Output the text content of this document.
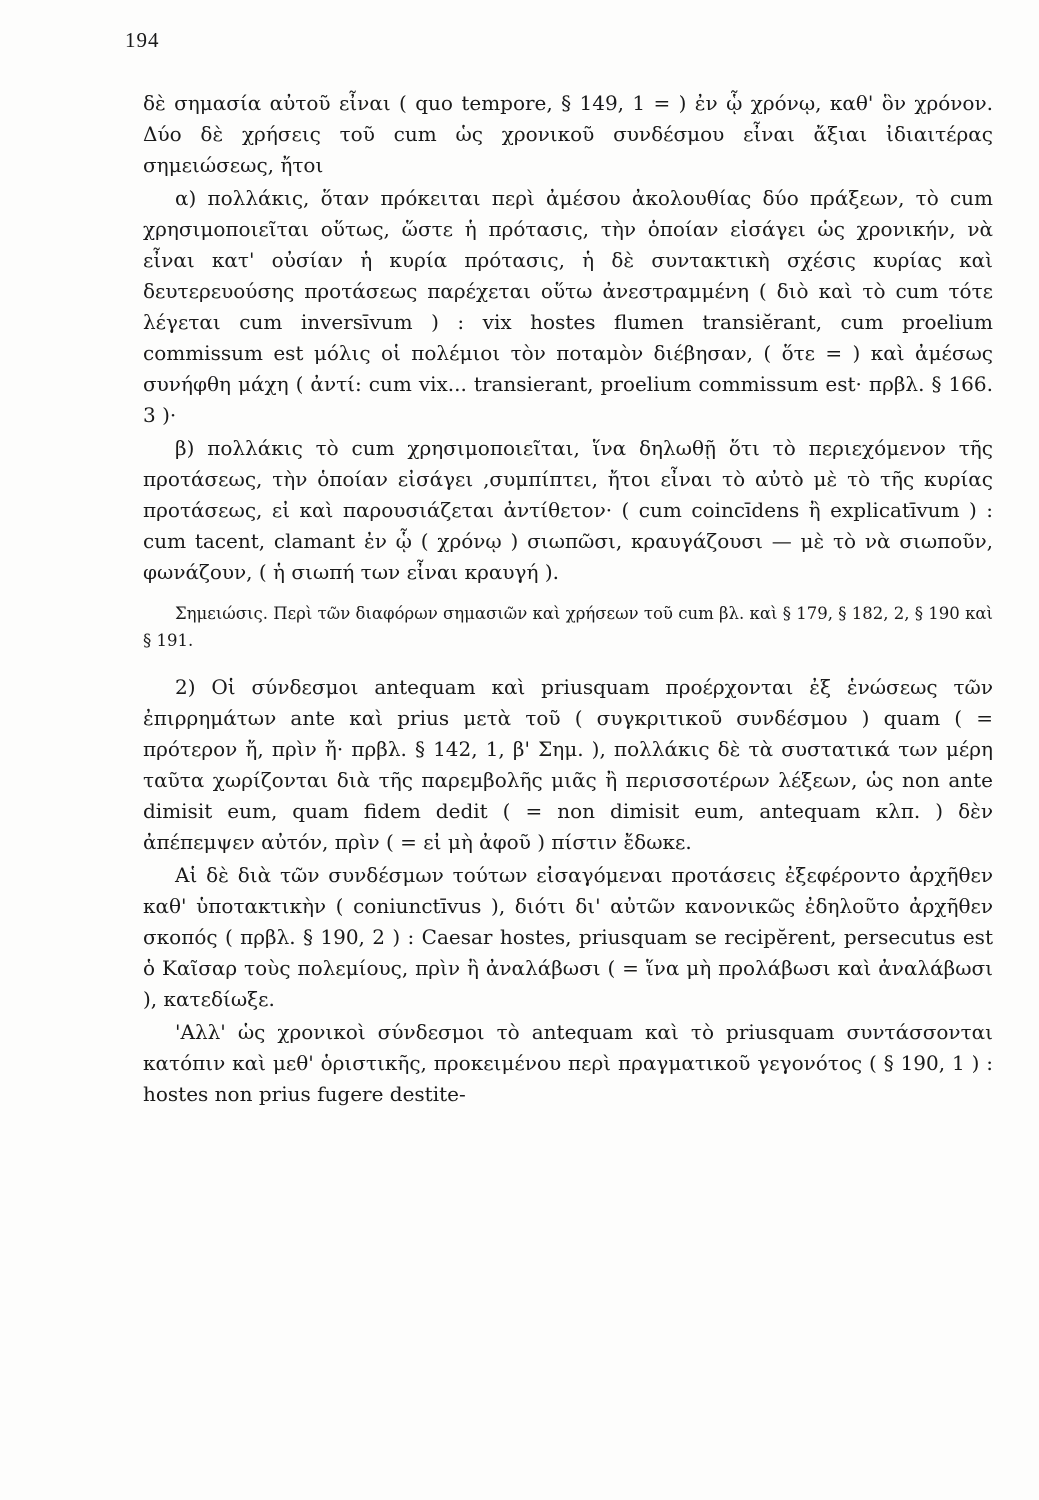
194

δὲ σημασία αὐτοῦ εἶναι ( quo tempore, § 149, 1 = ) ἐν ᾧ χρόνῳ, καθ' ὃν χρόνον. Δύο δὲ χρήσεις τοῦ cum ὡς χρονικοῦ συνδέσμου εἶναι ἄξιαι ἰδιαιτέρας σημειώσεως, ἤτοι

α) πολλάκις, ὅταν πρόκειται περὶ ἀμέσου ἀκολουθίας δύο πράξεων, τὸ cum χρησιμοποιεῖται οὕτως, ὥστε ἡ πρότασις, τὴν ὁποίαν εἰσάγει ὡς χρονικήν, νὰ εἶναι κατ' οὐσίαν ἡ κυρία πρότασις, ἡ δὲ συντακτικὴ σχέσις κυρίας καὶ δευτερευούσης προτάσεως παρέχεται οὕτω ἀνεστραμμένη ( διὸ καὶ τὸ cum τότε λέγεται cum inversīvum ) : vix hostes flumen transiĕrant, cum proelium commissum est μόλις οἱ πολέμιοι τὸν ποταμὸν διέβησαν, ( ὅτε = ) καὶ ἀμέσως συνήφθη μάχη ( ἀντί: cum vix... transierant, proelium commissum est· πρβλ. § 166. 3 )·

β) πολλάκις τὸ cum χρησιμοποιεῖται, ἵνα δηλωθῇ ὅτι τὸ περιεχόμενον τῆς προτάσεως, τὴν ὁποίαν εἰσάγει ,συμπίπτει, ἤτοι εἶναι τὸ αὐτὸ μὲ τὸ τῆς κυρίας προτάσεως, εἰ καὶ παρουσιάζεται ἀντίθετον· ( cum coincīdens ἢ explicatīvum ) : cum tacent, clamant ἐν ᾧ ( χρόνῳ ) σιωπῶσι, κραυγάζουσι — μὲ τὸ νὰ σιωποῦν, φωνάζουν, ( ἡ σιωπή των εἶναι κραυγή ).

Σημειώσις. Περὶ τῶν διαφόρων σημασιῶν καὶ χρήσεων τοῦ cum βλ. καὶ § 179, § 182, 2, § 190 καὶ § 191.

2) Οἱ σύνδεσμοι antequam καὶ priusquam προέρχονται ἐξ ἑνώσεως τῶν ἐπιρρημάτων ante καὶ prius μετὰ τοῦ ( συγκριτικοῦ συνδέσμου ) quam ( = πρότερον ἤ, πρὶν ἤ· πρβλ. § 142, 1, β' Σημ. ), πολλάκις δὲ τὰ συστατικά των μέρη ταῦτα χωρίζονται διὰ τῆς παρεμβολῆς μιᾶς ἢ περισσοτέρων λέξεων, ὡς non ante dimisit eum, quam fidem dedit ( = non dimisit eum, antequam κλπ. ) δὲν ἀπέπεμψεν αὐτόν, πρὶν ( = εἰ μὴ ἀφοῦ ) πίστιν ἔδωκε.

Αἱ δὲ διὰ τῶν συνδέσμων τούτων εἰσαγόμεναι προτάσεις ἐξεφέροντο ἀρχῆθεν καθ' ὑποτακτικὴν ( coniunctīvus ), διότι δι' αὐτῶν κανονικῶς ἐδηλοῦτο ἀρχῆθεν σκοπός ( πρβλ. § 190, 2 ) : Caesar hostes, priusquam se recipĕrent, persecutus est ὁ Καῖσαρ τοὺς πολεμίους, πρὶν ἢ ἀναλάβωσι ( = ἵνα μὴ προλάβωσι καὶ ἀναλάβωσι ), κατεδίωξε.

'Αλλ' ὡς χρονικοὶ σύνδεσμοι τὸ antequam καὶ τὸ priusquam συντάσσονται κατόπιν καὶ μεθ' ὁριστικῆς, προκειμένου περὶ πραγματικοῦ γεγονότος ( § 190, 1 ) : hostes non prius fugere destite-
